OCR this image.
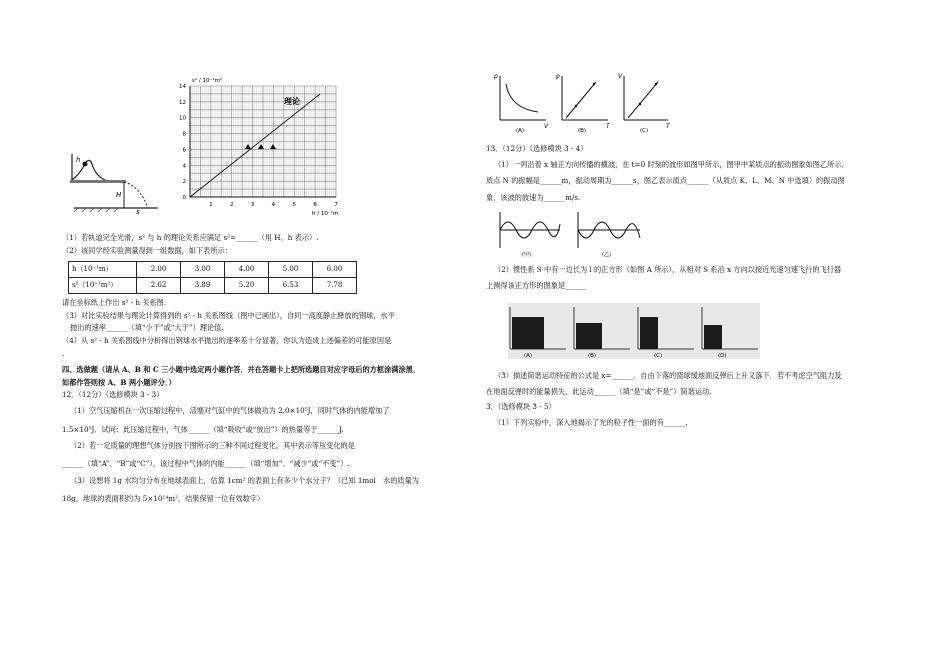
h
H
s
s² / 10⁻¹m²
h / 10⁻¹m
理论
0
2
4
6
8
10
12
14
1	2	3	4	5	6	7

（1）若轨道完全光滑，s² 与 h 的理论关系应满足 s²=______（用 H、h 表示）.

（2）该同学经实验测量得到一组数据，如下表所示：

h（10⁻¹m）	2.00	3.00	4.00	5.00	6.00
s²（10⁻¹m²）	2.62	3.89	5.20	6.53	7.78

请在坐标纸上作出 s² - h 关系图.

（3）对比实验结果与理论计算得到的 s² - h 关系图线（图中已画出），自同一高度静止释放的钢球，水平

抛出的速率______（填“小于”或“大于”）理论值.

（4）从 s² - h 关系图线中分析得出钢球水平抛出的速率差十分显著，你认为造成上述偏差的可能原因是

.

四、选做题（请从 A、B 和 C 三小题中选定两小题作答．并在答题卡上把所选题目对应字母后的方框涂满涂黑．

如都作答则按 A、B 两小题评分．）

12．（12分）（选修模块 3 - 3）

（1）空气压缩机在一次压缩过程中，活塞对气缸中的气体做功为 2.0×10⁵J，同时气体的内能增加了

1.5×10⁵J．试问：此压缩过程中，气体______（填“吸收”或“放出”）的热量等于______J.

（2）若一定质量的理想气体分别按下图所示的三种不同过程变化，其中表示等压变化的是

______（填“A”、“B”或“C”），该过程中气体的内能______（填“增加”、“减少”或“不变”）.

（3）设想将 1g 水均匀分布在地球表面上，估算 1cm² 的表面上有多少个水分子？（已知 1mol　水的质量为

18g，地球的表面积约为 5×10¹⁴m²，结果保留一位有效数字）

p
V
(A)
p
T
(B)
V
T
(C)

13．（12分）（选修模块 3 - 4）

（1）一列沿着 x 轴正方向传播的横波，在 t=0 时刻的波形如图甲所示，图甲中某质点的振动图象如图乙所示．

质点 N 的振幅是______m，振动周期为______s，图乙表示质点______（从质点 K、L、M、N 中选填）的振动图

象．该波的波速为______m/s.

(甲)	(乙)

（2）惯性系 S 中有一边长为 l 的正方形（如图 A 所示），从相对 S 系沿 x 方向以接近光速匀速飞行的飞行器

上测得该正方形的图象是______

(A)	(B)	(C)	(D)

（3）描述简谐运动特征的公式是 x=______．自由下落的篮球缓地面反弹后上升又落下．若不考虑空气阻力及

在地面反弹时的能量损失，此运动______（填“是”或“不是”）简谐运动.

3．（选修模块 3 - 5）

（1）下列实验中，深入地揭示了光的粒子性一面的有______.
